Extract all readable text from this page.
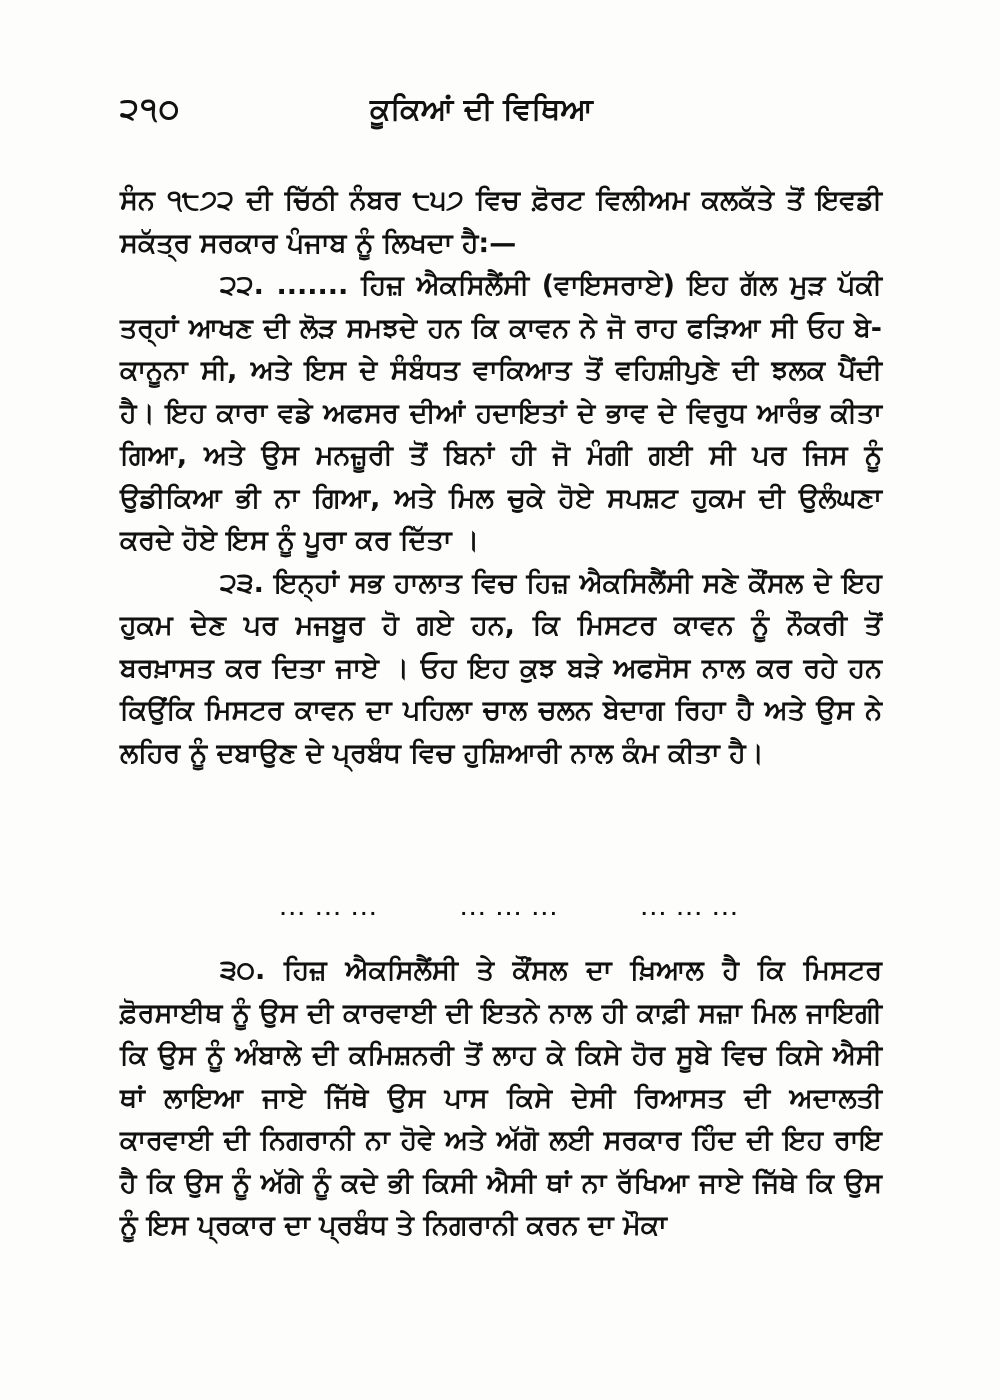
੨੧੦	ਕੂਕਿਆਂ ਦੀ ਵਿਥਿਆ

ਸੰਨ ੧੮੭੨ ਦੀ ਚਿੱਠੀ ਨੰਬਰ ੮੫੭ ਵਿਚ ਫ਼ੋਰਟ ਵਿਲੀਅਮ ਕਲਕੱਤੇ ਤੋਂ ਇਵਡੀ ਸਕੱਤ੍ਰ ਸਰਕਾਰ ਪੰਜਾਬ ਨੂੰ ਲਿਖਦਾ ਹੈ:—

੨੨. ....... ਹਿਜ਼ ਐਕਸਿਲੈਂਸੀ (ਵਾਇਸਰਾਏ) ਇਹ ਗੱਲ ਮੁੜ ਪੱਕੀ ਤਰ੍ਹਾਂ ਆਖਣ ਦੀ ਲੋੜ ਸਮਝਦੇ ਹਨ ਕਿ ਕਾਵਨ ਨੇ ਜੋ ਰਾਹ ਫੜਿਆ ਸੀ ਓਹ ਬੇ-ਕਾਨੂਨਾ ਸੀ, ਅਤੇ ਇਸ ਦੇ ਸੰਬੰਧਤ ਵਾਕਿਆਤ ਤੋਂ ਵਹਿਸ਼ੀਪੁਣੇ ਦੀ ਝਲਕ ਪੈਂਦੀ ਹੈ। ਇਹ ਕਾਰਾ ਵਡੇ ਅਫਸਰ ਦੀਆਂ ਹਦਾਇਤਾਂ ਦੇ ਭਾਵ ਦੇ ਵਿਰੁਧ ਆਰੰਭ ਕੀਤਾ ਗਿਆ, ਅਤੇ ਉਸ ਮਨਜ਼ੂਰੀ ਤੋਂ ਬਿਨਾਂ ਹੀ ਜੋ ਮੰਗੀ ਗਈ ਸੀ ਪਰ ਜਿਸ ਨੂੰ ਉਡੀਕਿਆ ਭੀ ਨਾ ਗਿਆ, ਅਤੇ ਮਿਲ ਚੁਕੇ ਹੋਏ ਸਪਸ਼ਟ ਹੁਕਮ ਦੀ ਉਲੰਘਣਾ ਕਰਦੇ ਹੋਏ ਇਸ ਨੂੰ ਪੂਰਾ ਕਰ ਦਿੱਤਾ ।

੨੩. ਇਨ੍ਹਾਂ ਸਭ ਹਾਲਾਤ ਵਿਚ ਹਿਜ਼ ਐਕਸਿਲੈਂਸੀ ਸਣੇ ਕੌਂਸਲ ਦੇ ਇਹ ਹੁਕਮ ਦੇਣ ਪਰ ਮਜਬੂਰ ਹੋ ਗਏ ਹਨ, ਕਿ ਮਿਸਟਰ ਕਾਵਨ ਨੂੰ ਨੌਕਰੀ ਤੋਂ ਬਰਖ਼ਾਸਤ ਕਰ ਦਿਤਾ ਜਾਏ । ਓਹ ਇਹ ਕੁਝ ਬੜੇ ਅਫਸੋਸ ਨਾਲ ਕਰ ਰਹੇ ਹਨ ਕਿਉਂਕਿ ਮਿਸਟਰ ਕਾਵਨ ਦਾ ਪਹਿਲਾ ਚਾਲ ਚਲਨ ਬੇਦਾਗ ਰਿਹਾ ਹੈ ਅਤੇ ਉਸ ਨੇ ਲਹਿਰ ਨੂੰ ਦਬਾਉਣ ਦੇ ਪ੍ਰਬੰਧ ਵਿਚ ਹੁਸ਼ਿਆਰੀ ਨਾਲ ਕੰਮ ਕੀਤਾ ਹੈ।

··· ··· ···	··· ··· ···	··· ··· ···

੩੦. ਹਿਜ਼ ਐਕਸਿਲੈਂਸੀ ਤੇ ਕੌਂਸਲ ਦਾ ਖ਼ਿਆਲ ਹੈ ਕਿ ਮਿਸਟਰ ਫ਼ੋਰਸਾਈਥ ਨੂੰ ਉਸ ਦੀ ਕਾਰਵਾਈ ਦੀ ਇਤਨੇ ਨਾਲ ਹੀ ਕਾਫ਼ੀ ਸਜ਼ਾ ਮਿਲ ਜਾਇਗੀ ਕਿ ਉਸ ਨੂੰ ਅੰਬਾਲੇ ਦੀ ਕਮਿਸ਼ਨਰੀ ਤੋਂ ਲਾਹ ਕੇ ਕਿਸੇ ਹੋਰ ਸੂਬੇ ਵਿਚ ਕਿਸੇ ਐਸੀ ਥਾਂ ਲਾਇਆ ਜਾਏ ਜਿੱਥੇ ਉਸ ਪਾਸ ਕਿਸੇ ਦੇਸੀ ਰਿਆਸਤ ਦੀ ਅਦਾਲਤੀ ਕਾਰਵਾਈ ਦੀ ਨਿਗਰਾਨੀ ਨਾ ਹੋਵੇ ਅਤੇ ਅੱਗੋ ਲਈ ਸਰਕਾਰ ਹਿੰਦ ਦੀ ਇਹ ਰਾਇ ਹੈ ਕਿ ਉਸ ਨੂੰ ਅੱਗੇ ਨੂੰ ਕਦੇ ਭੀ ਕਿਸੀ ਐਸੀ ਥਾਂ ਨਾ ਰੱਖਿਆ ਜਾਏ ਜਿੱਥੇ ਕਿ ਉਸ ਨੂੰ ਇਸ ਪ੍ਰਕਾਰ ਦਾ ਪ੍ਰਬੰਧ ਤੇ ਨਿਗਰਾਨੀ ਕਰਨ ਦਾ ਮੌਕਾ
